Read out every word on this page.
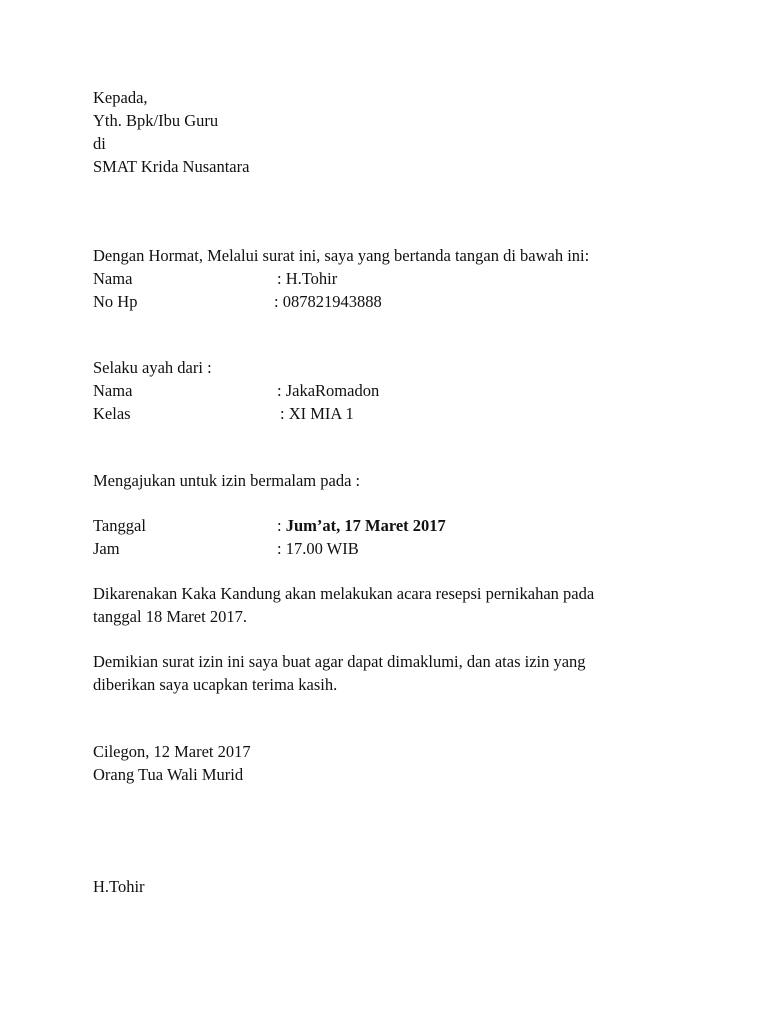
Kepada,
Yth. Bpk/Ibu Guru
di
SMAT Krida Nusantara
Dengan Hormat, Melalui surat ini, saya yang bertanda tangan di bawah ini:
Nama	: H.Tohir
No Hp	: 087821943888
Selaku ayah dari :
Nama	: JakaRomadon
Kelas	: XI MIA 1
Mengajukan untuk izin bermalam pada :
Tanggal	: Jum’at, 17 Maret 2017
Jam	: 17.00 WIB
Dikarenakan Kaka Kandung akan melakukan acara resepsi pernikahan pada
tanggal 18 Maret 2017.
Demikian surat izin ini saya buat agar dapat dimaklumi, dan atas izin yang
diberikan saya ucapkan terima kasih.
Cilegon, 12 Maret 2017
Orang Tua Wali Murid
H.Tohir
